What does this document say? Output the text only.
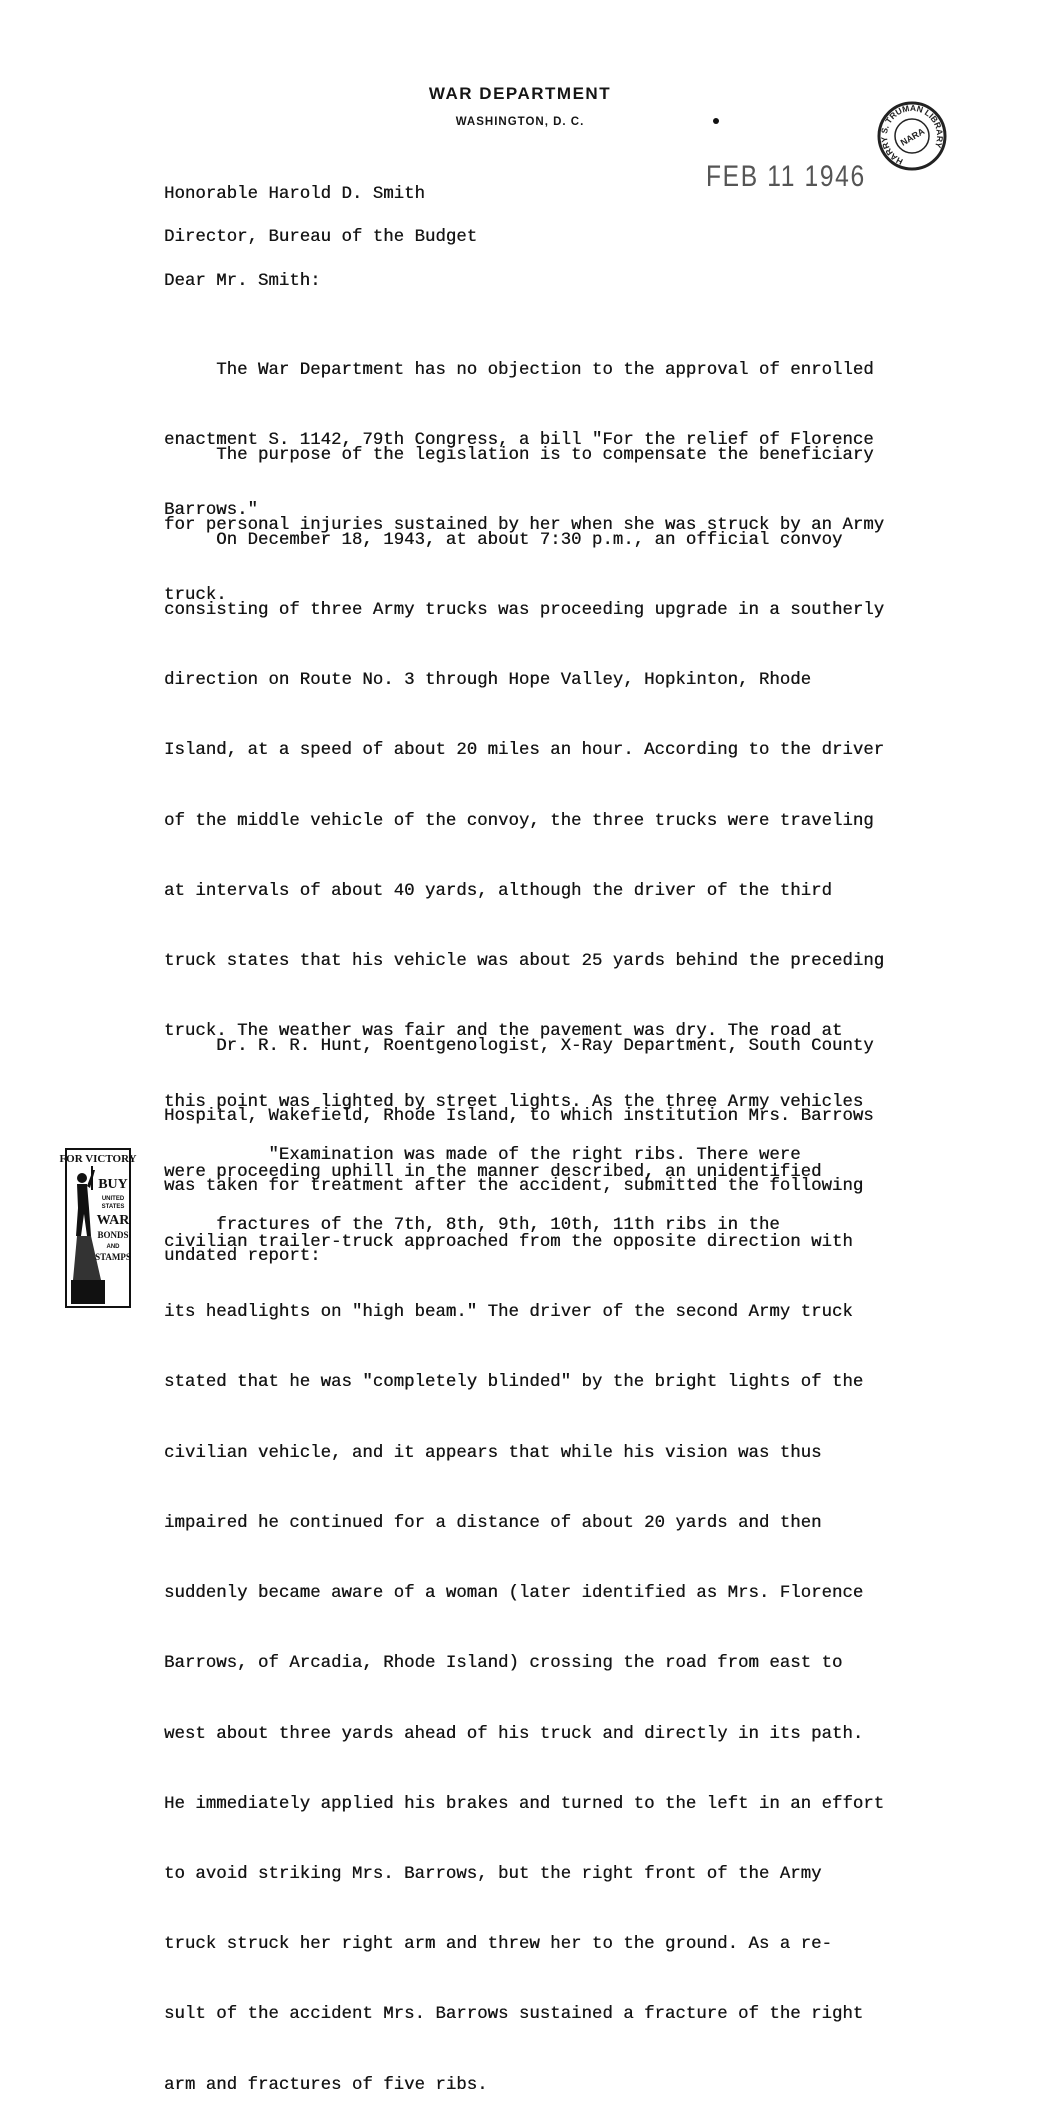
WAR DEPARTMENT
WASHINGTON, D. C.
HARRY S. TRUMAN LIBRARY
NARA
FEB 11 1946
Honorable Harold D. Smith
Director, Bureau of the Budget
Dear Mr. Smith:

The War Department has no objection to the approval of enrolled

enactment S. 1142, 79th Congress, a bill "For the relief of Florence

Barrows."

The purpose of the legislation is to compensate the beneficiary

for personal injuries sustained by her when she was struck by an Army

truck.

On December 18, 1943, at about 7:30 p.m., an official convoy

consisting of three Army trucks was proceeding upgrade in a southerly

direction on Route No. 3 through Hope Valley, Hopkinton, Rhode

Island, at a speed of about 20 miles an hour. According to the driver

of the middle vehicle of the convoy, the three trucks were traveling

at intervals of about 40 yards, although the driver of the third

truck states that his vehicle was about 25 yards behind the preceding

truck. The weather was fair and the pavement was dry. The road at

this point was lighted by street lights. As the three Army vehicles

were proceeding uphill in the manner described, an unidentified

civilian trailer-truck approached from the opposite direction with

its headlights on "high beam." The driver of the second Army truck

stated that he was "completely blinded" by the bright lights of the

civilian vehicle, and it appears that while his vision was thus

impaired he continued for a distance of about 20 yards and then

suddenly became aware of a woman (later identified as Mrs. Florence

Barrows, of Arcadia, Rhode Island) crossing the road from east to

west about three yards ahead of his truck and directly in its path.

He immediately applied his brakes and turned to the left in an effort

to avoid striking Mrs. Barrows, but the right front of the Army

truck struck her right arm and threw her to the ground. As a re-

sult of the accident Mrs. Barrows sustained a fracture of the right

arm and fractures of five ribs.

Dr. R. R. Hunt, Roentgenologist, X-Ray Department, South County

Hospital, Wakefield, Rhode Island, to which institution Mrs. Barrows

was taken for treatment after the accident, submitted the following

undated report:

"Examination was made of the right ribs. There were

fractures of the 7th, 8th, 9th, 10th, 11th ribs in the

FOR VICTORY
BUY
UNITED
STATES
WAR
BONDS
AND
STAMPS
